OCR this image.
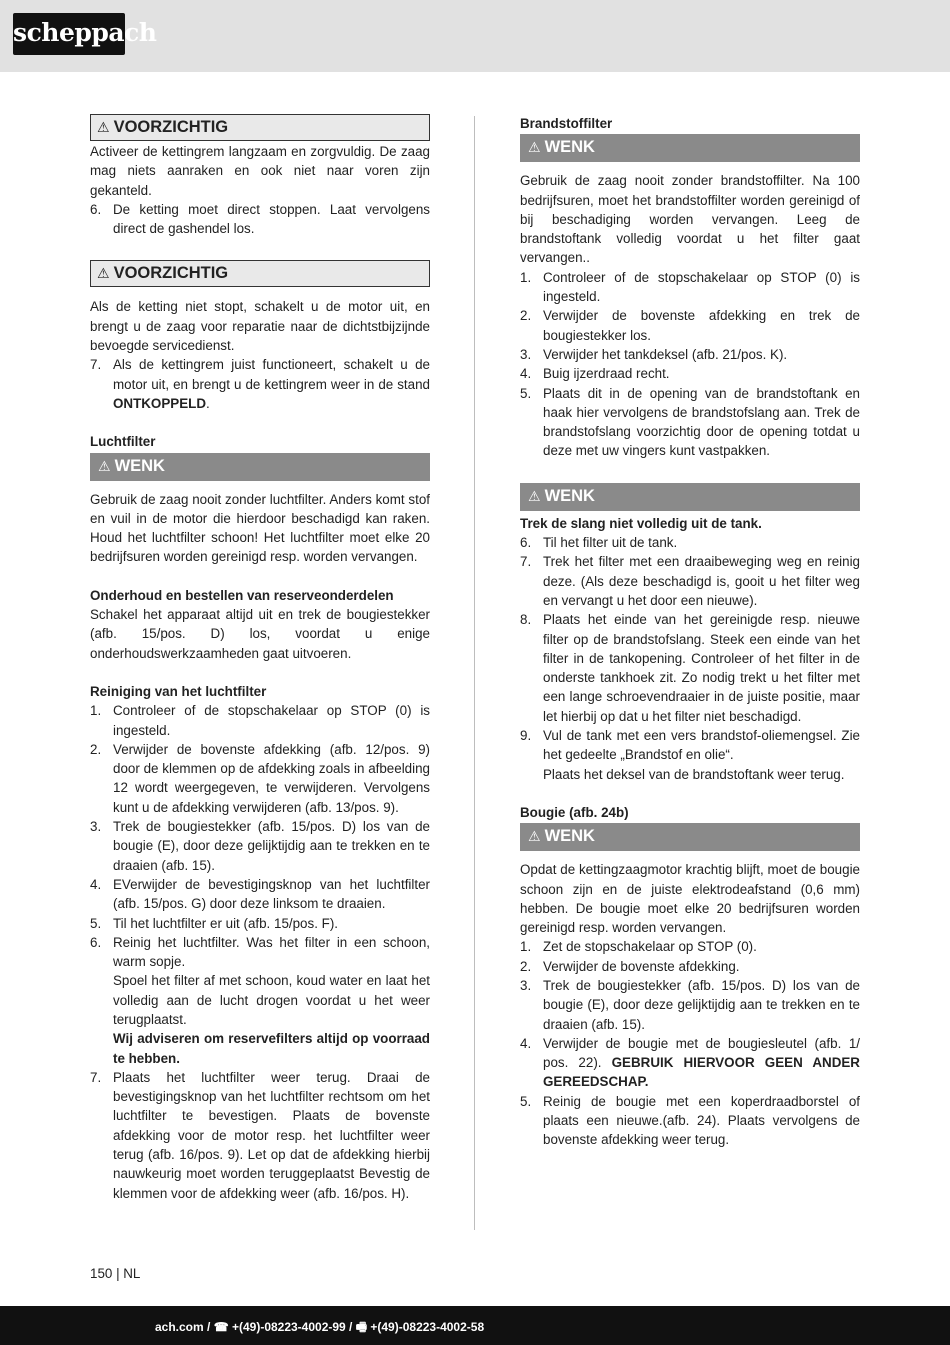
scheppach
⚠ VOORZICHTIG

Activeer de kettingrem langzaam en zorgvuldig. De zaag mag niets aanraken en ook niet naar voren zijn gekanteld.

6. De ketting moet direct stoppen. Laat vervolgens direct de gashendel los.
⚠ VOORZICHTIG

Als de ketting niet stopt, schakelt u de motor uit, en brengt u de zaag voor reparatie naar de dichtstbijzijnde bevoegde servicedienst.

7. Als de kettingrem juist functioneert, schakelt u de motor uit, en brengt u de kettingrem weer in de stand ONTKOPPELD.

Luchtfilter

⚠ WENK

Gebruik de zaag nooit zonder luchtfilter. Anders komt stof en vuil in de motor die hierdoor beschadigd kan raken. Houd het luchtfilter schoon! Het luchtfilter moet elke 20 bedrijfsuren worden gereinigd resp. worden vervangen.

Onderhoud en bestellen van reserveonderdelen

Schakel het apparaat altijd uit en trek de bougiestekker (afb. 15/pos. D) los, voordat u enige onderhoudswerkzaamheden gaat uitvoeren.

Reiniging van het luchtfilter

1. Controleer of de stopschakelaar op STOP (0) is ingesteld.
2. Verwijder de bovenste afdekking (afb. 12/pos. 9) door de klemmen op de afdekking zoals in afbeelding 12 wordt weergegeven, te verwijderen. Vervolgens kunt u de afdekking verwijderen (afb. 13/pos. 9).
3. Trek de bougiestekker (afb. 15/pos. D) los van de bougie (E), door deze gelijktijdig aan te trekken en te draaien (afb. 15).
4. EVerwijder de bevestigingsknop van het luchtfilter (afb. 15/pos. G) door deze linksom te draaien.
5. Til het luchtfilter er uit (afb. 15/pos. F).
6. Reinig het luchtfilter. Was het filter in een schoon, warm sopje.
Spoel het filter af met schoon, koud water en laat het volledig aan de lucht drogen voordat u het weer terugplaatst.
Wij adviseren om reservefilters altijd op voorraad te hebben.
7. Plaats het luchtfilter weer terug. Draai de bevestigingsknop van het luchtfilter rechtsom om het luchtfilter te bevestigen. Plaats de bovenste afdekking voor de motor resp. het luchtfilter weer terug (afb. 16/pos. 9). Let op dat de afdekking hierbij nauwkeurig moet worden teruggeplaatst Bevestig de klemmen voor de afdekking weer (afb. 16/pos. H).

Brandstoffilter

⚠ WENK

Gebruik de zaag nooit zonder brandstoffilter. Na 100 bedrijfsuren, moet het brandstoffilter worden gereinigd of bij beschadiging worden vervangen. Leeg de brandstoftank volledig voordat u het filter gaat vervangen..

1. Controleer of de stopschakelaar op STOP (0) is ingesteld.
2. Verwijder de bovenste afdekking en trek de bougiestekker los.
3. Verwijder het tankdeksel (afb. 21/pos. K).
4. Buig ijzerdraad recht.
5. Plaats dit in de opening van de brandstoftank en haak hier vervolgens de brandstofslang aan. Trek de brandstofslang voorzichtig door de opening totdat u deze met uw vingers kunt vastpakken.
⚠ WENK

Trek de slang niet volledig uit de tank.

6. Til het filter uit de tank.
7. Trek het filter met een draaibeweging weg en reinig deze. (Als deze beschadigd is, gooit u het filter weg en vervangt u het door een nieuwe).
8. Plaats het einde van het gereinigde resp. nieuwe filter op de brandstofslang. Steek een einde van het filter in de tankopening. Controleer of het filter in de onderste tankhoek zit. Zo nodig trekt u het filter met een lange schroevendraaier in de juiste positie, maar let hierbij op dat u het filter niet beschadigd.
9. Vul de tank met een vers brandstof-oliemengsel. Zie het gedeelte „Brandstof en olie“.
Plaats het deksel van de brandstoftank weer terug.

Bougie (afb. 24b)

⚠ WENK

Opdat de kettingzaagmotor krachtig blijft, moet de bougie schoon zijn en de juiste elektrodeafstand (0,6 mm) hebben. De bougie moet elke 20 bedrijfsuren worden gereinigd resp. worden vervangen.

1. Zet de stopschakelaar op STOP (0).
2. Verwijder de bovenste afdekking.
3. Trek de bougiestekker (afb. 15/pos. D) los van de bougie (E), door deze gelijktijdig aan te trekken en te draaien (afb. 15).
4. Verwijder de bougie met de bougiesleutel (afb. 1/ pos. 22). GEBRUIK HIERVOOR GEEN ANDER GEREEDSCHAP.
5. Reinig de bougie met een koperdraadborstel of plaats een nieuwe.(afb. 24). Plaats vervolgens de bovenste afdekking weer terug.
150 | NL
ach.com / ☎ +(49)-08223-4002-99 / 🖷 +(49)-08223-4002-58
